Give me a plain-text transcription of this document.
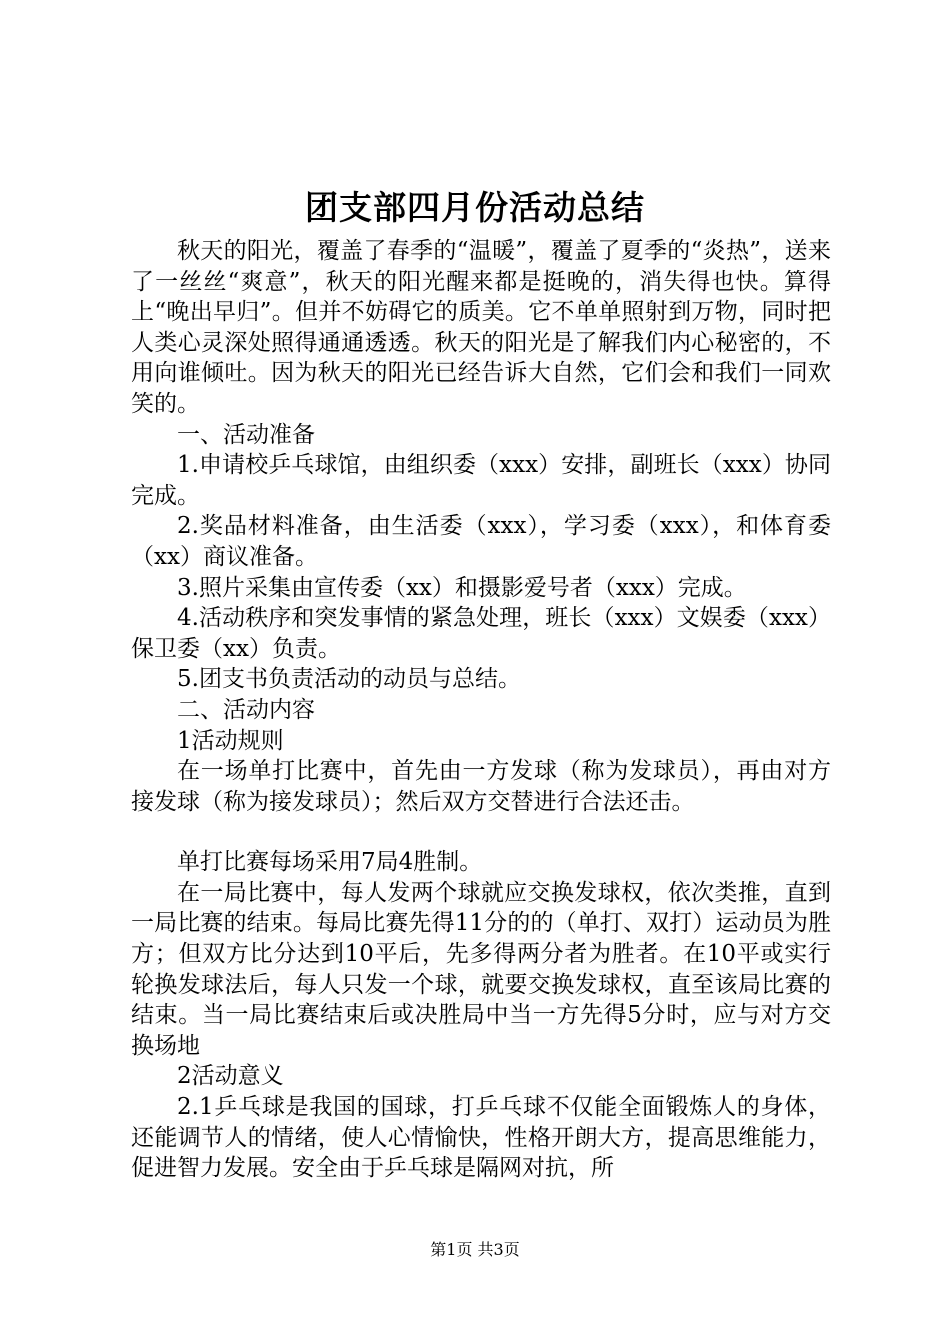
团支部四月份活动总结

秋天的阳光，覆盖了春季的“温暖”，覆盖了夏季的“炎热”，送来了一丝丝“爽意”，秋天的阳光醒来都是挺晚的，消失得也快。算得上“晚出早归”。但并不妨碍它的质美。它不单单照射到万物，同时把人类心灵深处照得通通透透。秋天的阳光是了解我们内心秘密的，不用向谁倾吐。因为秋天的阳光已经告诉大自然，它们会和我们一同欢笑的。

一、活动准备

1.申请校乒乓球馆，由组织委（xxx）安排，副班长（xxx）协同完成。

2.奖品材料准备，由生活委（xxx），学习委（xxx），和体育委（xx）商议准备。

3.照片采集由宣传委（xx）和摄影爱号者（xxx）完成。

4.活动秩序和突发事情的紧急处理，班长（xxx）文娱委（xxx）保卫委（xx）负责。

5.团支书负责活动的动员与总结。

二、活动内容

1活动规则

在一场单打比赛中，首先由一方发球（称为发球员），再由对方接发球（称为接发球员）；然后双方交替进行合法还击。

单打比赛每场采用7局4胜制。

在一局比赛中，每人发两个球就应交换发球权，依次类推，直到一局比赛的结束。每局比赛先得11分的的（单打、双打）运动员为胜方；但双方比分达到10平后，先多得两分者为胜者。在10平或实行轮换发球法后，每人只发一个球，就要交换发球权，直至该局比赛的结束。当一局比赛结束后或决胜局中当一方先得5分时，应与对方交换场地

2活动意义

2.1乒乓球是我国的国球，打乒乓球不仅能全面锻炼人的身体，还能调节人的情绪，使人心情愉快，性格开朗大方，提高思维能力，促进智力发展。安全由于乒乓球是隔网对抗，所

第1页 共3页
